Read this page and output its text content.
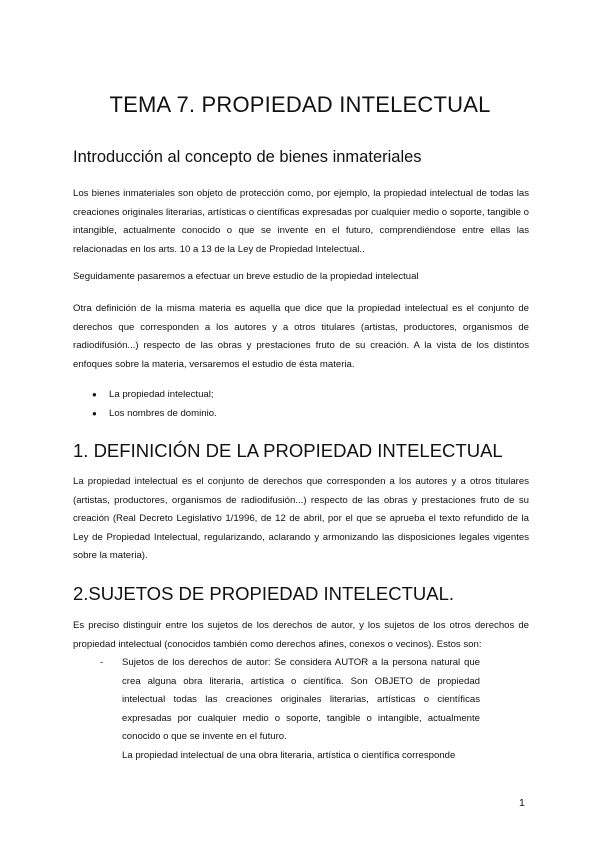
TEMA 7. PROPIEDAD INTELECTUAL
Introducción al concepto de bienes inmateriales

Los bienes inmateriales son objeto de protección como, por ejemplo, la propiedad intelectual de todas las creaciones originales literarias, artísticas o científicas expresadas por cualquier medio o soporte, tangible o intangible, actualmente conocido o que se invente en el futuro, comprendiéndose entre ellas las relacionadas en los arts. 10 a 13 de la Ley de Propiedad Intelectual..

Seguidamente pasaremos a efectuar un breve estudio de la propiedad intelectual

Otra definición de la misma materia es aquella que dice que la propiedad intelectual es el conjunto de derechos que corresponden a los autores y a otros titulares (artistas, productores, organismos de radiodifusión...) respecto de las obras y prestaciones fruto de su creación. A la vista de los distintos enfoques sobre la materia, versaremos el estudio de ésta materia.

● La propiedad intelectual;
● Los nombres de dominio.
1. DEFINICIÓN DE LA PROPIEDAD INTELECTUAL

La propiedad intelectual es el conjunto de derechos que corresponden a los autores y a otros titulares (artistas, productores, organismos de radiodifusión...) respecto de las obras y prestaciones fruto de su creación (Real Decreto Legislativo 1/1996, de 12 de abril, por el que se aprueba el texto refundido de la Ley de Propiedad Intelectual, regularizando, aclarando y armonizando las disposiciones legales vigentes sobre la materia).

2.SUJETOS DE PROPIEDAD INTELECTUAL.

Es preciso distinguir entre los sujetos de los derechos de autor, y los sujetos de los otros derechos de propiedad intelectual (conocidos también como derechos afines, conexos o vecinos). Estos son:

- Sujetos de los derechos de autor: Se considera AUTOR a la persona natural que crea alguna obra literaria, artística o científica. Son OBJETO de propiedad intelectual todas las creaciones originales literarias, artísticas o científicas expresadas por cualquier medio o soporte, tangible o intangible, actualmente conocido o que se invente en el futuro.
La propiedad intelectual de una obra literaria, artística o científica corresponde
1
